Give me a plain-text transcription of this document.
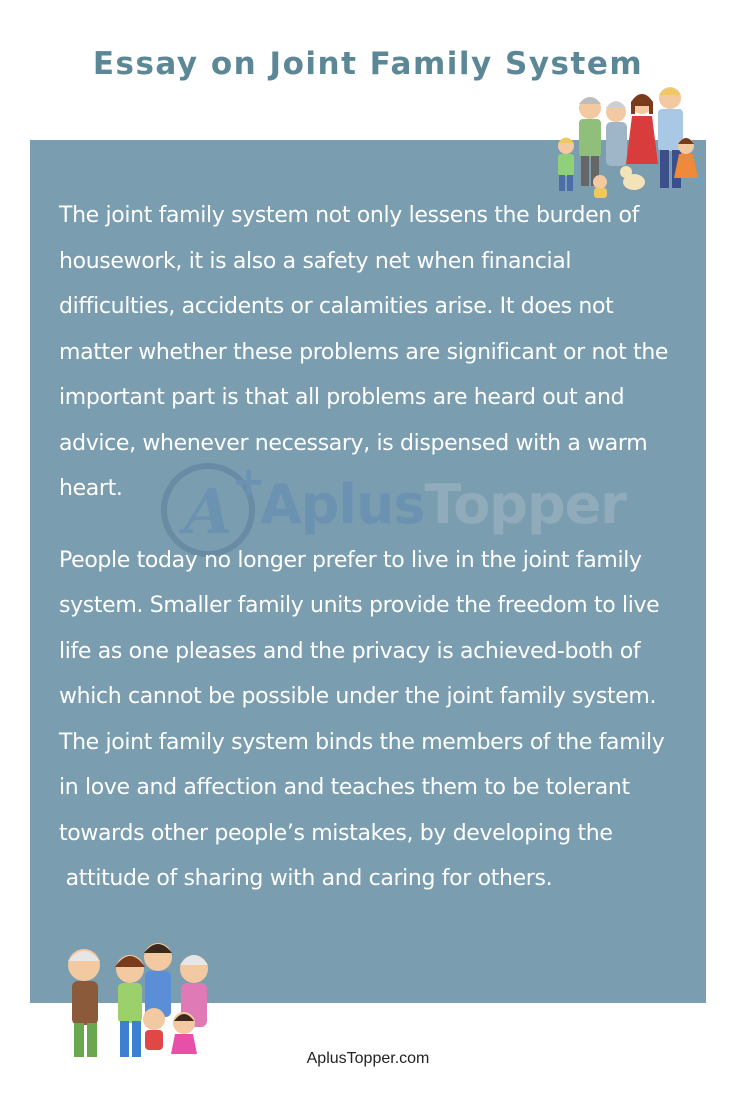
Essay on Joint Family System
A +
AplusTopper
The joint family system not only lessens the burden of
housework, it is also a safety net when financial
difficulties, accidents or calamities arise. It does not
matter whether these problems are significant or not the
important part is that all problems are heard out and
advice, whenever necessary, is dispensed with a warm
heart.
People today no longer prefer to live in the joint family
system. Smaller family units provide the freedom to live
life as one pleases and the privacy is achieved-both of
which cannot be possible under the joint family system.
The joint family system binds the members of the family
in love and affection and teaches them to be tolerant
towards other people’s mistakes, by developing the
attitude of sharing with and caring for others.
AplusTopper.com
